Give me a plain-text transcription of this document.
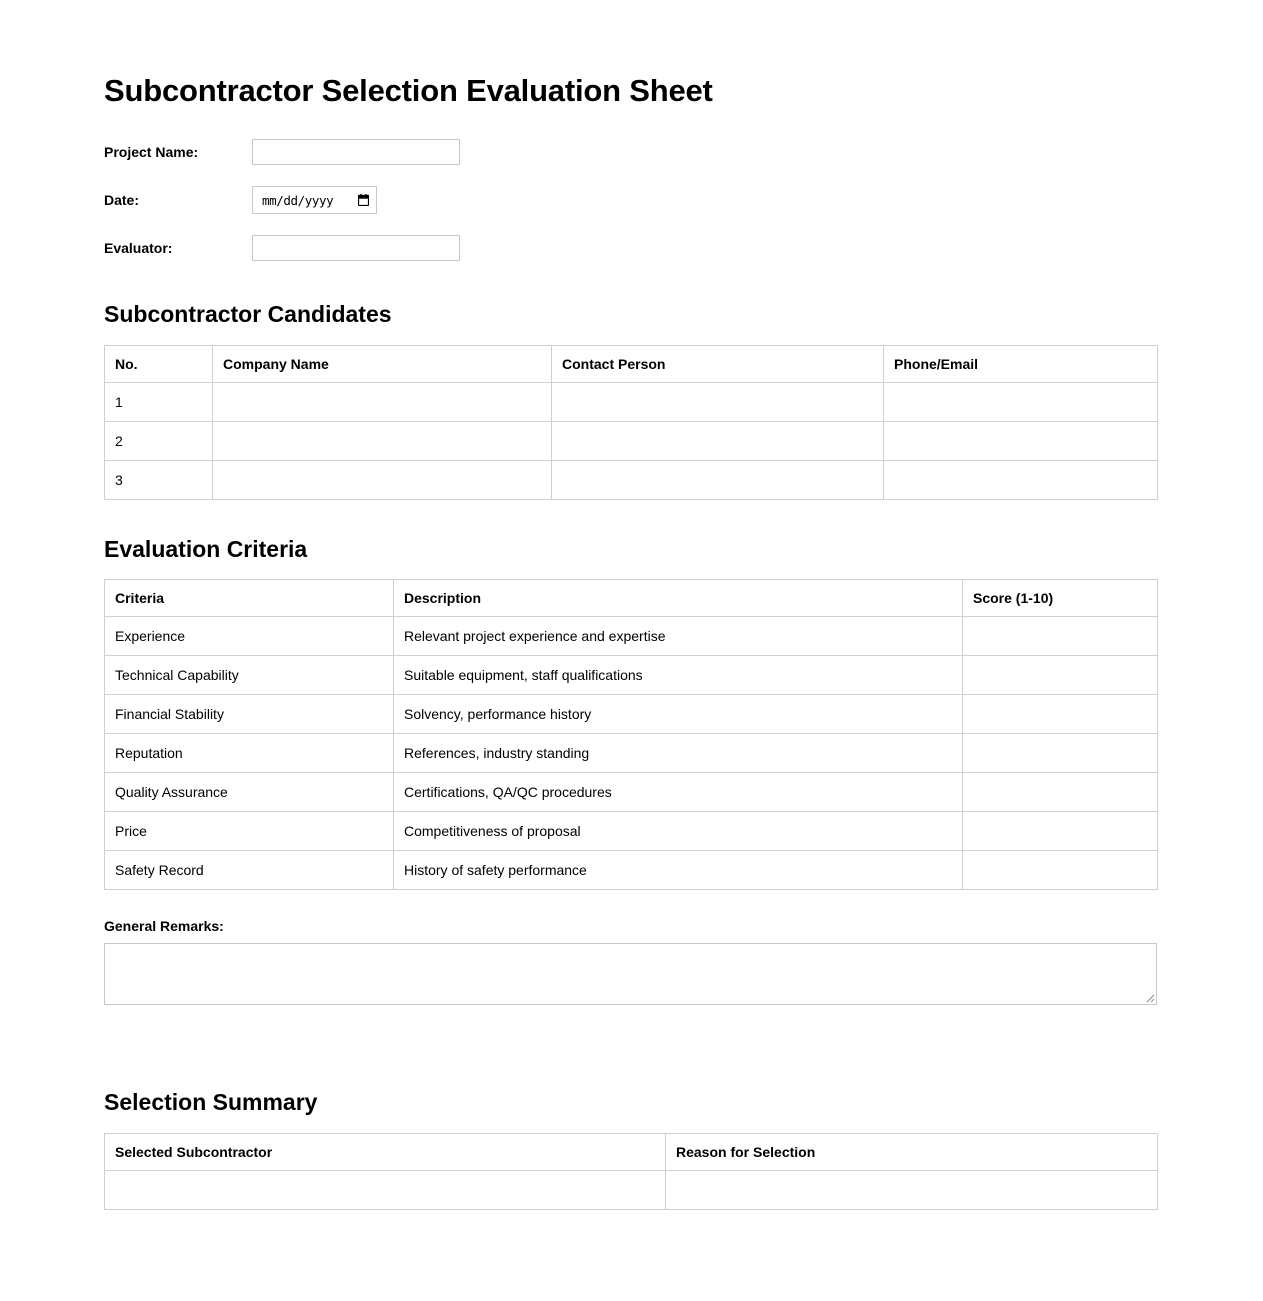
Subcontractor Selection Evaluation Sheet
Project Name:
Date:	mm/dd/yyyy
Evaluator:
Subcontractor Candidates
No.	Company Name	Contact Person	Phone/Email
1			
2			
3			
Evaluation Criteria
Criteria	Description	Score (1-10)
Experience	Relevant project experience and expertise	
Technical Capability	Suitable equipment, staff qualifications	
Financial Stability	Solvency, performance history	
Reputation	References, industry standing	
Quality Assurance	Certifications, QA/QC procedures	
Price	Competitiveness of proposal	
Safety Record	History of safety performance	
General Remarks:
Selection Summary
Selected Subcontractor	Reason for Selection
